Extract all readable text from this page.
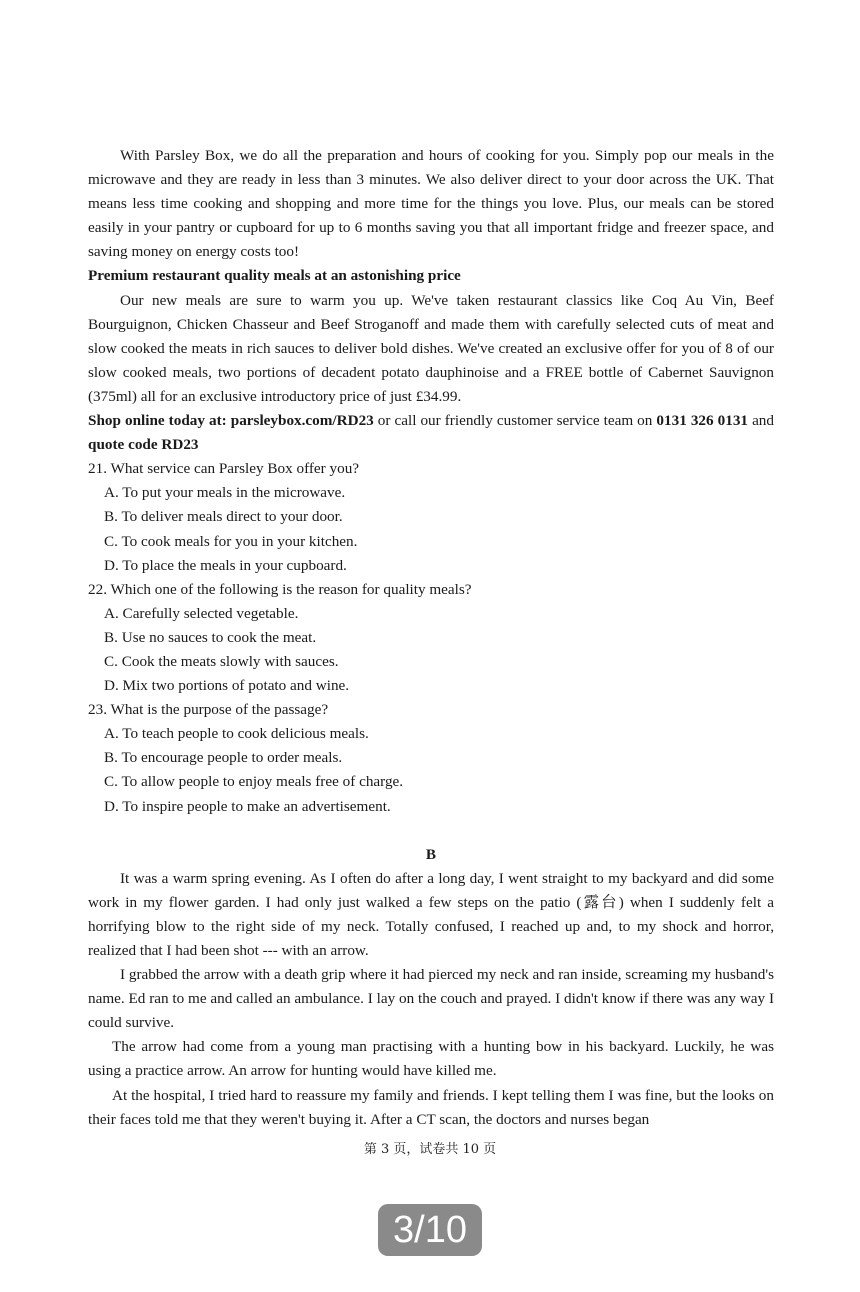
With Parsley Box, we do all the preparation and hours of cooking for you. Simply pop our meals in the microwave and they are ready in less than 3 minutes. We also deliver direct to your door across the UK. That means less time cooking and shopping and more time for the things you love. Plus, our meals can be stored easily in your pantry or cupboard for up to 6 months saving you that all important fridge and freezer space, and saving money on energy costs too!

Premium restaurant quality meals at an astonishing price

Our new meals are sure to warm you up. We've taken restaurant classics like Coq Au Vin, Beef Bourguignon, Chicken Chasseur and Beef Stroganoff and made them with carefully selected cuts of meat and slow cooked the meats in rich sauces to deliver bold dishes. We've created an exclusive offer for you of 8 of our slow cooked meals, two portions of decadent potato dauphinoise and a FREE bottle of Cabernet Sauvignon (375ml) all for an exclusive introductory price of just £34.99.

Shop online today at: parsleybox.com/RD23 or call our friendly customer service team on 0131 326 0131 and quote code RD23

21. What service can Parsley Box offer you?

A. To put your meals in the microwave.

B. To deliver meals direct to your door.

C. To cook meals for you in your kitchen.

D. To place the meals in your cupboard.

22. Which one of the following is the reason for quality meals?

A. Carefully selected vegetable.

B. Use no sauces to cook the meat.

C. Cook the meats slowly with sauces.

D. Mix two portions of potato and wine.

23. What is the purpose of the passage?

A. To teach people to cook delicious meals.

B. To encourage people to order meals.

C. To allow people to enjoy meals free of charge.

D. To inspire people to make an advertisement.

B

It was a warm spring evening. As I often do after a long day, I went straight to my backyard and did some work in my flower garden. I had only just walked a few steps on the patio (露台) when I suddenly felt a horrifying blow to the right side of my neck. Totally confused, I reached up and, to my shock and horror, realized that I had been shot --- with an arrow.

I grabbed the arrow with a death grip where it had pierced my neck and ran inside, screaming my husband's name. Ed ran to me and called an ambulance. I lay on the couch and prayed. I didn't know if there was any way I could survive.

The arrow had come from a young man practising with a hunting bow in his backyard. Luckily, he was using a practice arrow. An arrow for hunting would have killed me.

At the hospital, I tried hard to reassure my family and friends. I kept telling them I was fine, but the looks on their faces told me that they weren't buying it. After a CT scan, the doctors and nurses began

第 3 页，试卷共 10 页
3/10
